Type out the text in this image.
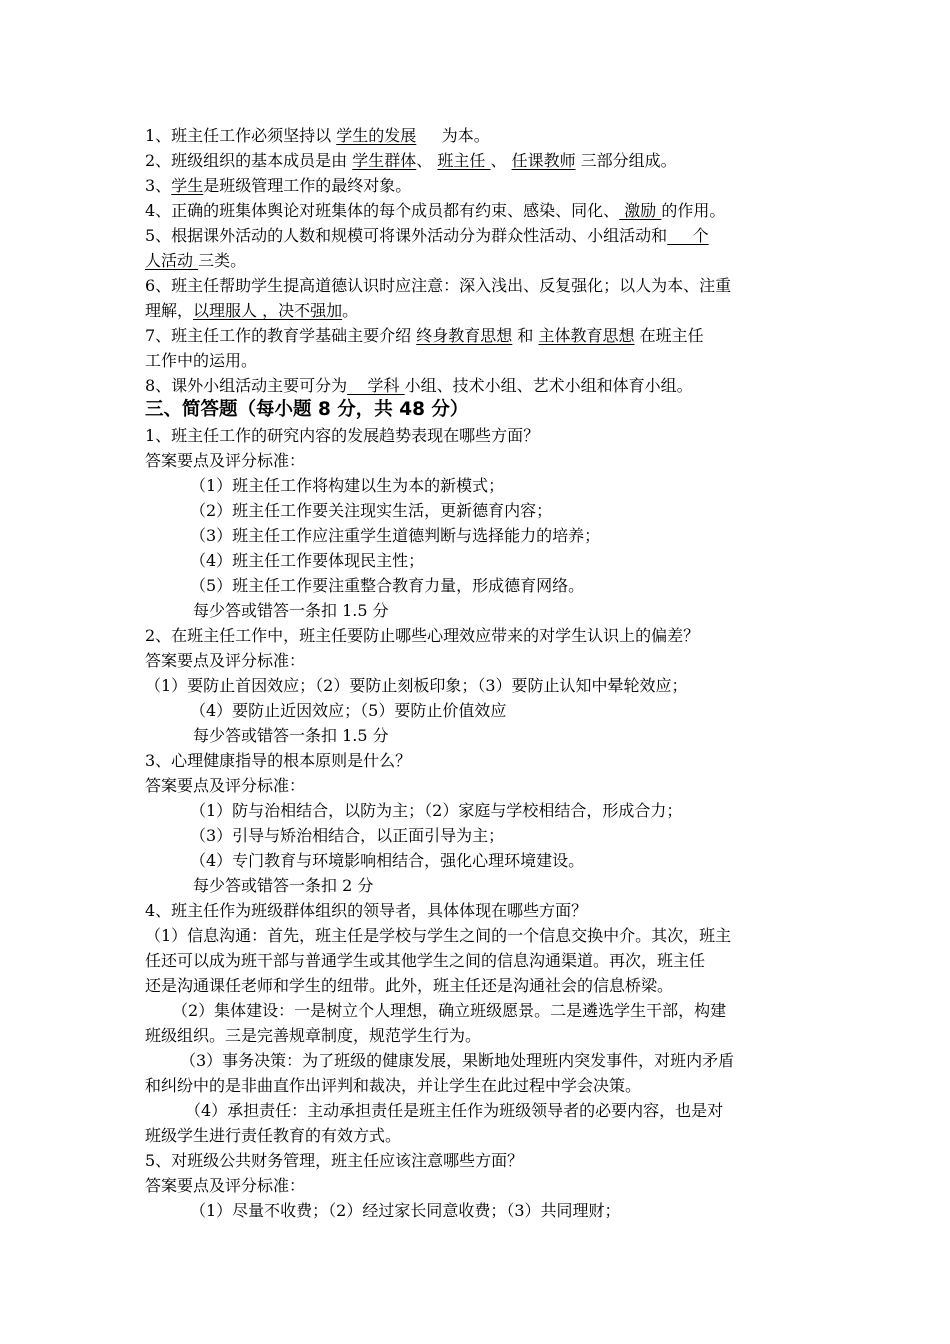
1、班主任工作必须坚持以 学生的发展     为本。
2、班级组织的基本成员是由 学生群体、 班主任 、 任课教师 三部分组成。
3、学生是班级管理工作的最终对象。
4、正确的班集体舆论对班集体的每个成员都有约束、感染、同化、 激励 的作用。
5、根据课外活动的人数和规模可将课外活动分为群众性活动、小组活动和     个
人活动 三类。
6、班主任帮助学生提高道德认识时应注意：深入浅出、反复强化；以人为本、注重
理解，以理服人 ，决不强加。
7、班主任工作的教育学基础主要介绍 终身教育思想 和 主体教育思想 在班主任
工作中的运用。
8、课外小组活动主要可分为    学科 小组、技术小组、艺术小组和体育小组。
三、简答题（每小题 8 分，共 48 分）
1、班主任工作的研究内容的发展趋势表现在哪些方面？
答案要点及评分标准：
（1）班主任工作将构建以生为本的新模式；
（2）班主任工作要关注现实生活，更新德育内容；
（3）班主任工作应注重学生道德判断与选择能力的培养；
（4）班主任工作要体现民主性；
（5）班主任工作要注重整合教育力量，形成德育网络。
每少答或错答一条扣 1.5 分
2、在班主任工作中，班主任要防止哪些心理效应带来的对学生认识上的偏差？
答案要点及评分标准：
（1）要防止首因效应；（2）要防止刻板印象；（3）要防止认知中晕轮效应；
（4）要防止近因效应；（5）要防止价值效应
每少答或错答一条扣 1.5 分
3、心理健康指导的根本原则是什么？
答案要点及评分标准：
（1）防与治相结合，以防为主；（2）家庭与学校相结合，形成合力；
（3）引导与矫治相结合，以正面引导为主；
（4）专门教育与环境影响相结合，强化心理环境建设。
每少答或错答一条扣 2 分
4、班主任作为班级群体组织的领导者，具体体现在哪些方面？
（1）信息沟通：首先，班主任是学校与学生之间的一个信息交换中介。其次，班主
任还可以成为班干部与普通学生或其他学生之间的信息沟通渠道。再次，班主任
还是沟通课任老师和学生的纽带。此外，班主任还是沟通社会的信息桥梁。
（2）集体建设：一是树立个人理想，确立班级愿景。二是遴选学生干部，构建
班级组织。三是完善规章制度，规范学生行为。
（3）事务决策：为了班级的健康发展，果断地处理班内突发事件，对班内矛盾
和纠纷中的是非曲直作出评判和裁决，并让学生在此过程中学会决策。
（4）承担责任：主动承担责任是班主任作为班级领导者的必要内容，也是对
班级学生进行责任教育的有效方式。
5、对班级公共财务管理，班主任应该注意哪些方面？
答案要点及评分标准：
（1）尽量不收费；（2）经过家长同意收费；（3）共同理财；
